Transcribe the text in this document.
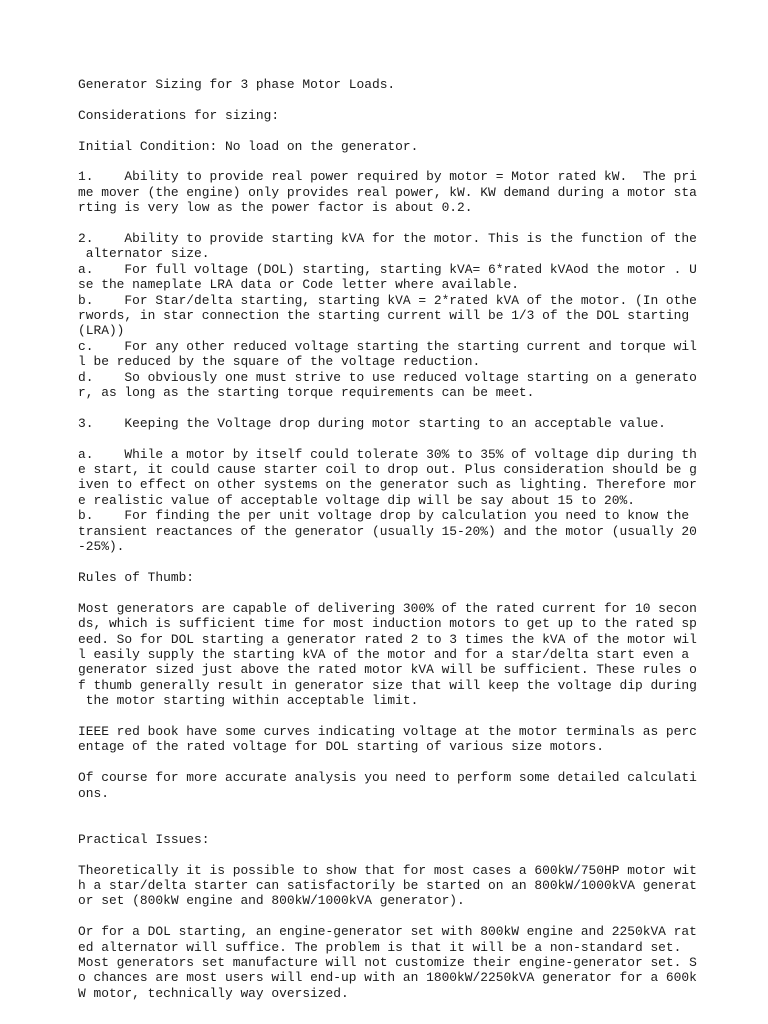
Generator Sizing for 3 phase Motor Loads.
Considerations for sizing:
Initial Condition: No load on the generator.
1.    Ability to provide real power required by motor = Motor rated kW.  The pri
me mover (the engine) only provides real power, kW. KW demand during a motor sta
rting is very low as the power factor is about 0.2.
2.    Ability to provide starting kVA for the motor. This is the function of the
alternator size.
a.    For full voltage (DOL) starting, starting kVA= 6*rated kVAod the motor . U
se the nameplate LRA data or Code letter where available.
b.    For Star/delta starting, starting kVA = 2*rated kVA of the motor. (In othe
rwords, in star connection the starting current will be 1/3 of the DOL starting
(LRA))
c.    For any other reduced voltage starting the starting current and torque wil
l be reduced by the square of the voltage reduction.
d.    So obviously one must strive to use reduced voltage starting on a generato
r, as long as the starting torque requirements can be meet.
3.    Keeping the Voltage drop during motor starting to an acceptable value.
a.    While a motor by itself could tolerate 30% to 35% of voltage dip during th
e start, it could cause starter coil to drop out. Plus consideration should be g
iven to effect on other systems on the generator such as lighting. Therefore mor
e realistic value of acceptable voltage dip will be say about 15 to 20%.
b.    For finding the per unit voltage drop by calculation you need to know the
transient reactances of the generator (usually 15-20%) and the motor (usually 20
-25%).
Rules of Thumb:
Most generators are capable of delivering 300% of the rated current for 10 secon
ds, which is sufficient time for most induction motors to get up to the rated sp
eed. So for DOL starting a generator rated 2 to 3 times the kVA of the motor wil
l easily supply the starting kVA of the motor and for a star/delta start even a
generator sized just above the rated motor kVA will be sufficient. These rules o
f thumb generally result in generator size that will keep the voltage dip during
the motor starting within acceptable limit.
IEEE red book have some curves indicating voltage at the motor terminals as perc
entage of the rated voltage for DOL starting of various size motors.
Of course for more accurate analysis you need to perform some detailed calculati
ons.
Practical Issues:
Theoretically it is possible to show that for most cases a 600kW/750HP motor wit
h a star/delta starter can satisfactorily be started on an 800kW/1000kVA generat
or set (800kW engine and 800kW/1000kVA generator).
Or for a DOL starting, an engine-generator set with 800kW engine and 2250kVA rat
ed alternator will suffice. The problem is that it will be a non-standard set.
Most generators set manufacture will not customize their engine-generator set. S
o chances are most users will end-up with an 1800kW/2250kVA generator for a 600k
W motor, technically way oversized.
